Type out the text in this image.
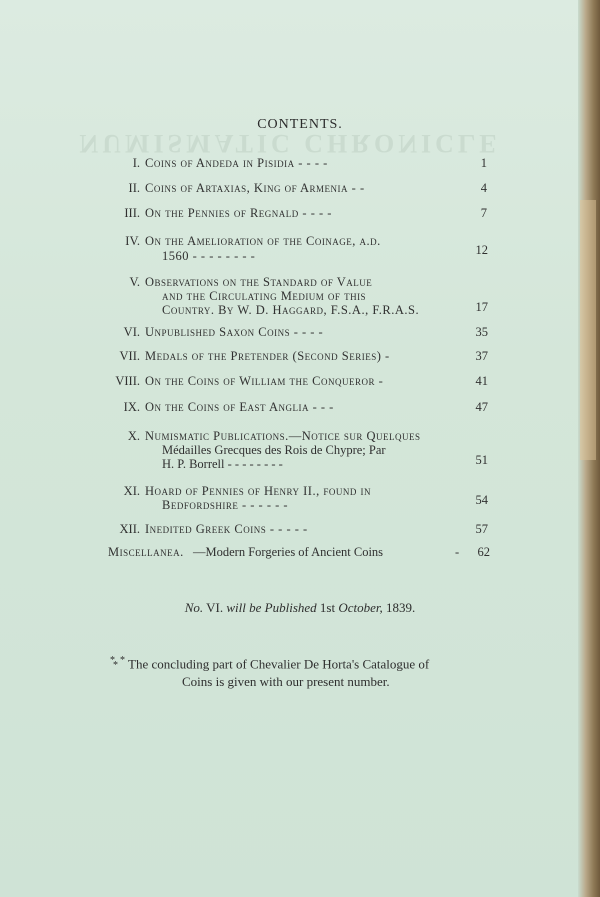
NUMISMATIC CHRONICLE
CONTENTS.
I. Coins of Andeda in Pisidia - - - -	1
II. Coins of Artaxias, King of Armenia - -	4
III. On the Pennies of Regnald - - - -	7
IV. On the Amelioration of the Coinage, a.d.
1560 - - - - - - - -	12
V. Observations on the Standard of Value
and the Circulating Medium of this
Country. By W. D. Haggard, F.S.A., F.R.A.S.	17
VI. Unpublished Saxon Coins - - - -	35
VII. Medals of the Pretender (Second Series) -	37
VIII. On the Coins of William the Conqueror -	41
IX. On the Coins of East Anglia - - -	47
X. Numismatic Publications.—Notice sur Quelques
Médailles Grecques des Rois de Chypre; Par
H. P. Borrell - - - - - - - -	51
XI. Hoard of Pennies of Henry II., found in
Bedfordshire - - - - - -	54
XII. Inedited Greek Coins - - - - -	57
Miscellanea. —Modern Forgeries of Ancient Coins	-	62
No. VI. will be Published 1st October, 1839.
** * The concluding part of Chevalier De Horta's Catalogue of
Coins is given with our present number.
